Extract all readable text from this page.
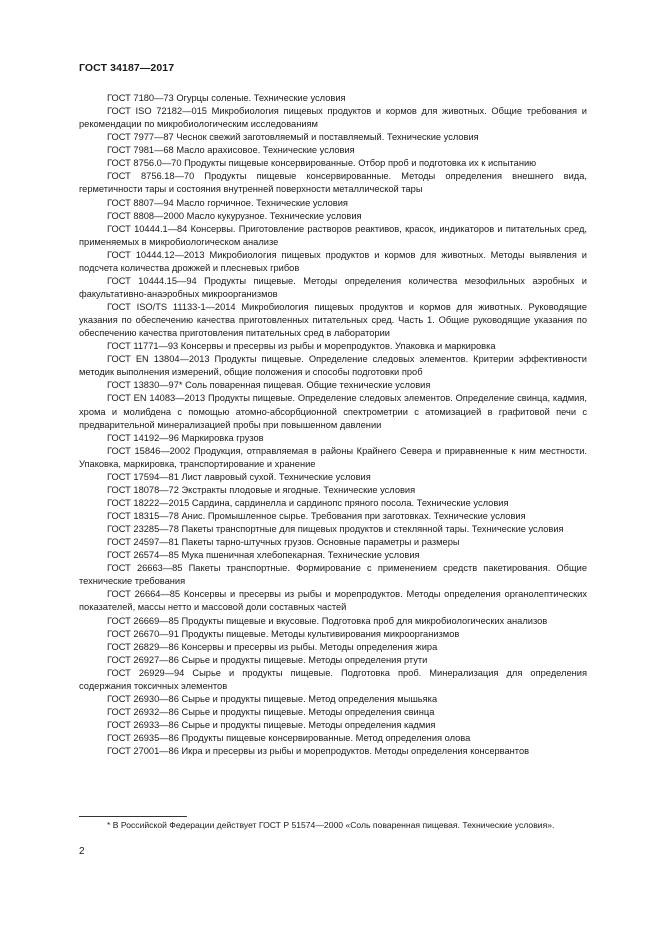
ГОСТ 34187—2017

ГОСТ 7180—73 Огурцы соленые. Технические условия

ГОСТ ISO 72182—015 Микробиология пищевых продуктов и кормов для животных. Общие требования и рекомендации по микробиологическим исследованиям

ГОСТ 7977—87 Чеснок свежий заготовляемый и поставляемый. Технические условия

ГОСТ 7981—68 Масло арахисовое. Технические условия

ГОСТ 8756.0—70 Продукты пищевые консервированные. Отбор проб и подготовка их к испытанию

ГОСТ 8756.18—70 Продукты пищевые консервированные. Методы определения внешнего вида, герметичности тары и состояния внутренней поверхности металлической тары

ГОСТ 8807—94 Масло горчичное. Технические условия

ГОСТ 8808—2000 Масло кукурузное. Технические условия

ГОСТ 10444.1—84 Консервы. Приготовление растворов реактивов, красок, индикаторов и питательных сред, применяемых в микробиологическом анализе

ГОСТ 10444.12—2013 Микробиология пищевых продуктов и кормов для животных. Методы выявления и подсчета количества дрожжей и плесневых грибов

ГОСТ 10444.15—94 Продукты пищевые. Методы определения количества мезофильных аэробных и факультативно-анаэробных микроорганизмов

ГОСТ ISO/TS 11133-1—2014 Микробиология пищевых продуктов и кормов для животных. Руководящие указания по обеспечению качества приготовленных питательных сред. Часть 1. Общие руководящие указания по обеспечению качества приготовления питательных сред в лаборатории

ГОСТ 11771—93 Консервы и пресервы из рыбы и морепродуктов. Упаковка и маркировка

ГОСТ EN 13804—2013 Продукты пищевые. Определение следовых элементов. Критерии эффективности методик выполнения измерений, общие положения и способы подготовки проб

ГОСТ 13830—97* Соль поваренная пищевая. Общие технические условия

ГОСТ EN 14083—2013 Продукты пищевые. Определение следовых элементов. Определение свинца, кадмия, хрома и молибдена с помощью атомно-абсорбционной спектрометрии с атомизацией в графитовой печи с предварительной минерализацией пробы при повышенном давлении

ГОСТ 14192—96 Маркировка грузов

ГОСТ 15846—2002 Продукция, отправляемая в районы Крайнего Севера и приравненные к ним местности. Упаковка, маркировка, транспортирование и хранение

ГОСТ 17594—81 Лист лавровый сухой. Технические условия

ГОСТ 18078—72 Экстракты плодовые и ягодные. Технические условия

ГОСТ 18222—2015 Сардина, сардинелла и сардинопс пряного посола. Технические условия

ГОСТ 18315—78 Анис. Промышленное сырье. Требования при заготовках. Технические условия

ГОСТ 23285—78 Пакеты транспортные для пищевых продуктов и стеклянной тары. Технические условия

ГОСТ 24597—81 Пакеты тарно-штучных грузов. Основные параметры и размеры

ГОСТ 26574—85 Мука пшеничная хлебопекарная. Технические условия

ГОСТ 26663—85 Пакеты транспортные. Формирование с применением средств пакетирования. Общие технические требования

ГОСТ 26664—85 Консервы и пресервы из рыбы и морепродуктов. Методы определения органолептических показателей, массы нетто и массовой доли составных частей

ГОСТ 26669—85 Продукты пищевые и вкусовые. Подготовка проб для микробиологических анализов

ГОСТ 26670—91 Продукты пищевые. Методы культивирования микроорганизмов

ГОСТ 26829—86 Консервы и пресервы из рыбы. Методы определения жира

ГОСТ 26927—86 Сырье и продукты пищевые. Методы определения ртути

ГОСТ 26929—94 Сырье и продукты пищевые. Подготовка проб. Минерализация для определения содержания токсичных элементов

ГОСТ 26930—86 Сырье и продукты пищевые. Метод определения мышьяка

ГОСТ 26932—86 Сырье и продукты пищевые. Методы определения свинца

ГОСТ 26933—86 Сырье и продукты пищевые. Методы определения кадмия

ГОСТ 26935—86 Продукты пищевые консервированные. Метод определения олова

ГОСТ 27001—86 Икра и пресервы из рыбы и морепродуктов. Методы определения консервантов

* В Российской Федерации действует ГОСТ Р 51574—2000 «Соль поваренная пищевая. Технические условия».

2
